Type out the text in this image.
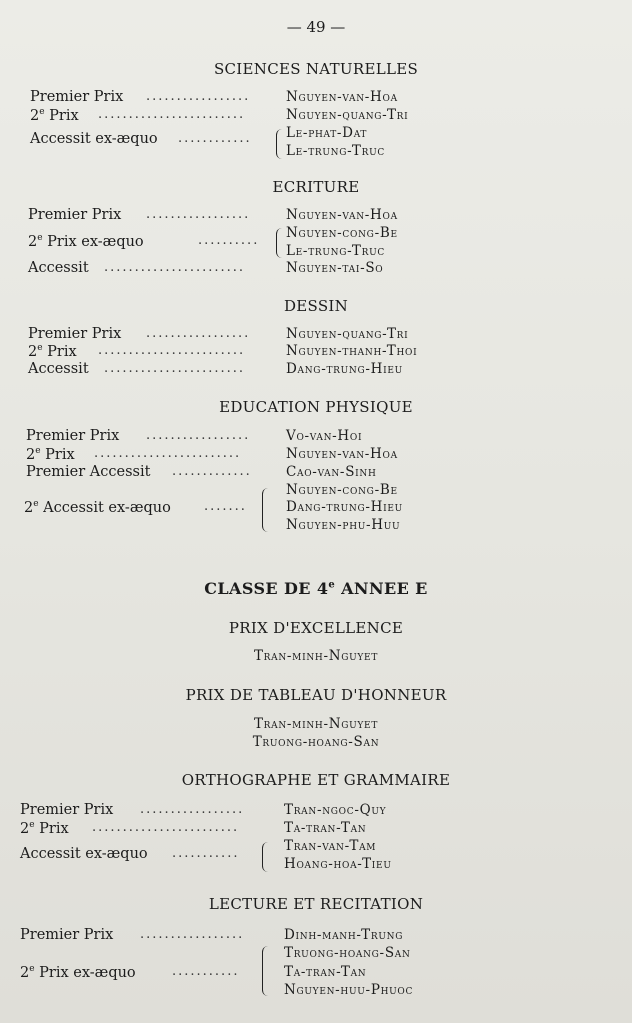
— 49 —
SCIENCES NATURELLES
Premier Prix .................	Nguyen-van-Hoa
2e Prix ........................	Nguyen-quang-Tri
Accessit ex-æquo ............	Le-phat-Dat
Le-trung-Truc
ECRITURE
Premier Prix .................	Nguyen-van-Hoa
2e Prix ex-æquo	..........	Nguyen-cong-Be
Le-trung-Truc
Accessit .......................	Nguyen-tai-So
DESSIN
Premier Prix .................	Nguyen-quang-Tri
2e Prix ........................	Nguyen-thanh-Thoi
Accessit .......................	Dang-trung-Hieu
EDUCATION PHYSIQUE
Premier Prix .................	Vo-van-Hoi
2e Prix ........................	Nguyen-van-Hoa
Premier Accessit .............	Cao-van-Sinh
Nguyen-cong-Be
2e Accessit ex-æquo	.......	Dang-trung-Hieu
Nguyen-phu-Huu
CLASSE DE 4e ANNEE E
PRIX D'EXCELLENCE
Tran-minh-Nguyet
PRIX DE TABLEAU D'HONNEUR
Tran-minh-Nguyet
Truong-hoang-San
ORTHOGRAPHE ET GRAMMAIRE
Premier Prix .................	Tran-ngoc-Quy
2e Prix ........................	Ta-tran-Tan
Accessit ex-æquo ...........	Tran-van-Tam
Hoang-hoa-Tieu
LECTURE ET RECITATION
Premier Prix .................	Dinh-manh-Trung
Truong-hoang-San
2e Prix ex-æquo	...........	Ta-tran-Tan
Nguyen-huu-Phuoc
